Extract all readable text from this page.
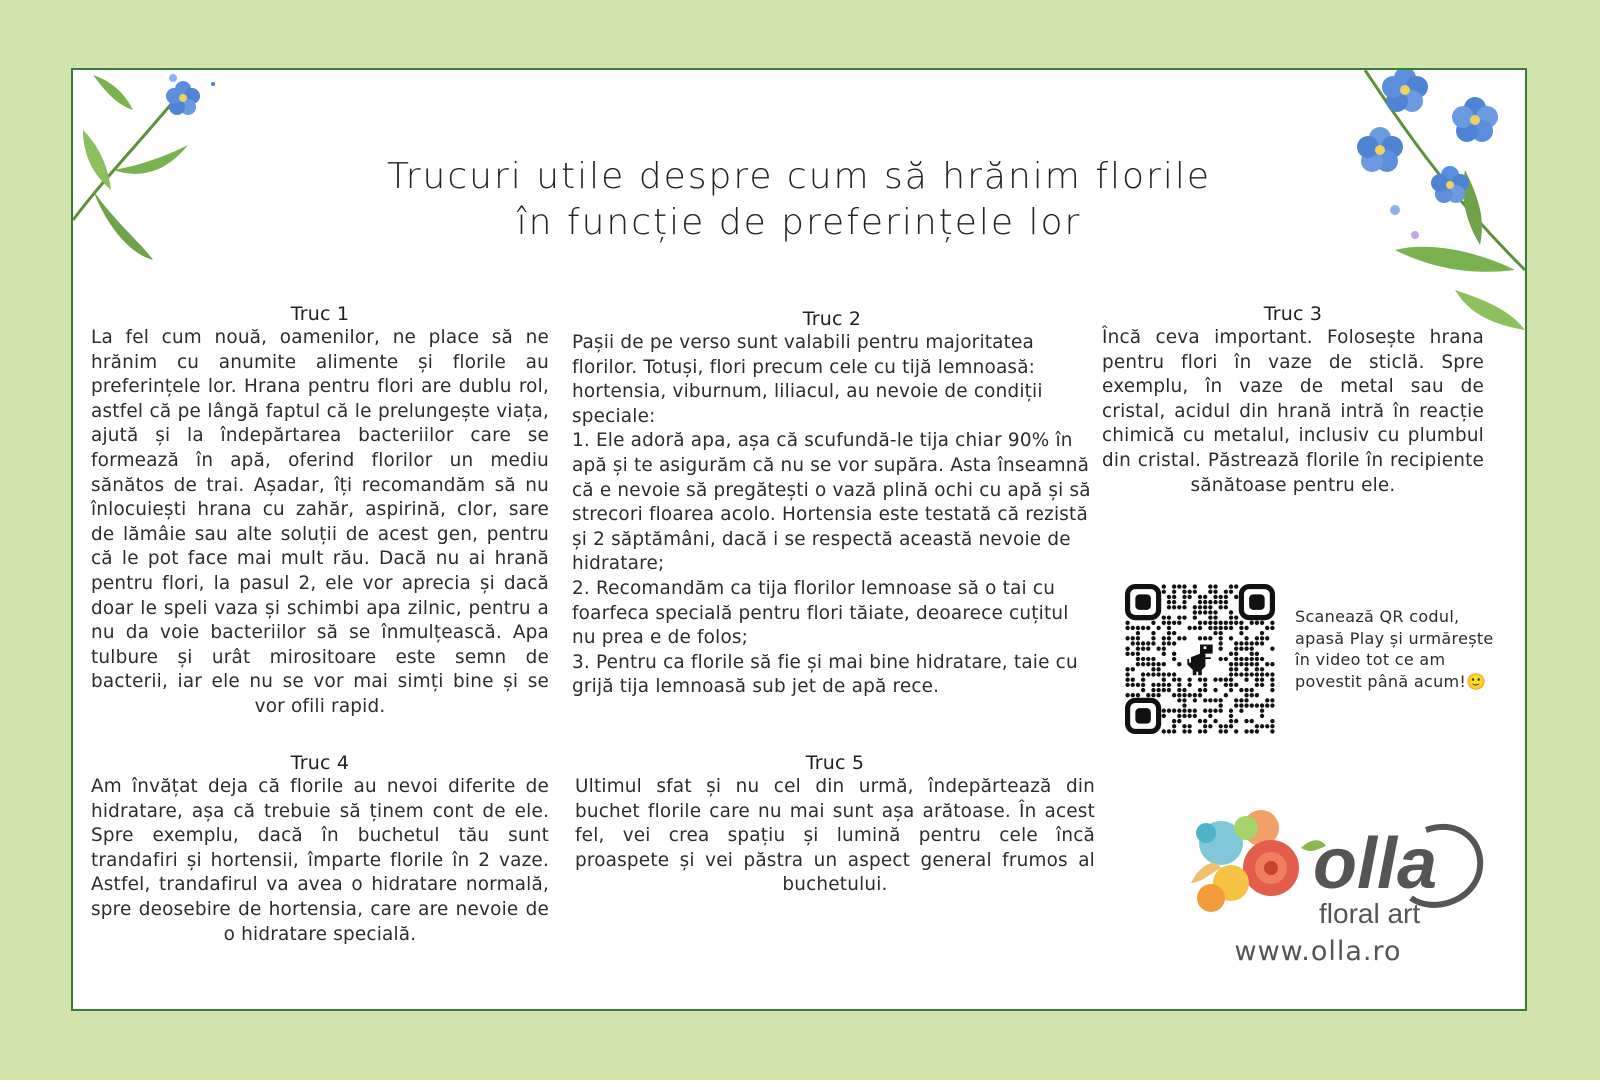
Trucuri utile despre cum să hrănim florile
în funcție de preferințele lor
Truc 1

La fel cum nouă, oamenilor, ne place să ne hrănim cu anumite alimente și florile au preferințele lor. Hrana pentru flori are dublu rol, astfel că pe lângă faptul că le prelungește viața, ajută și la îndepărtarea bacteriilor care se formează în apă, oferind florilor un mediu sănătos de trai. Așadar, îți recomandăm să nu înlocuiești hrana cu zahăr, aspirină, clor, sare de lămâie sau alte soluții de acest gen, pentru că le pot face mai mult rău. Dacă nu ai hrană pentru flori, la pasul 2, ele vor aprecia și dacă doar le speli vaza și schimbi apa zilnic, pentru a nu da voie bacteriilor să se înmulțească. Apa tulbure și urât mirositoare este semn de bacterii, iar ele nu se vor mai simți bine și se vor ofili rapid.

Truc 2

Pașii de pe verso sunt valabili pentru majoritatea florilor. Totuși, flori precum cele cu tijă lemnoasă: hortensia, viburnum, liliacul, au nevoie de condiții speciale:
1. Ele adoră apa, așa că scufundă-le tija chiar 90% în apă și te asigurăm că nu se vor supăra. Asta înseamnă că e nevoie să pregătești o vază plină ochi cu apă și să strecori floarea acolo. Hortensia este testată că rezistă și 2 săptămâni, dacă i se respectă această nevoie de hidratare;
2. Recomandăm ca tija florilor lemnoase să o tai cu foarfeca specială pentru flori tăiate, deoarece cuțitul nu prea e de folos;
3. Pentru ca florile să fie și mai bine hidratare, taie cu grijă tija lemnoasă sub jet de apă rece.

Truc 3

Încă ceva important. Folosește hrana pentru flori în vaze de sticlă. Spre exemplu, în vaze de metal sau de cristal, acidul din hrană intră în reacție chimică cu metalul, inclusiv cu plumbul din cristal. Păstrează florile în recipiente sănătoase pentru ele.

Truc 4

Am învățat deja că florile au nevoi diferite de hidratare, așa că trebuie să ținem cont de ele. Spre exemplu, dacă în buchetul tău sunt trandafiri și hortensii, împarte florile în 2 vaze. Astfel, trandafirul va avea o hidratare normală, spre deosebire de hortensia, care are nevoie de o hidratare specială.

Truc 5

Ultimul sfat și nu cel din urmă, îndepărtează din buchet florile care nu mai sunt așa arătoase. În acest fel, vei crea spațiu și lumină pentru cele încă proaspete și vei păstra un aspect general frumos al buchetului.

Scanează QR codul, apasă Play și urmărește în video tot ce am povestit până acum!🙂
olla
floral art
www.olla.ro
